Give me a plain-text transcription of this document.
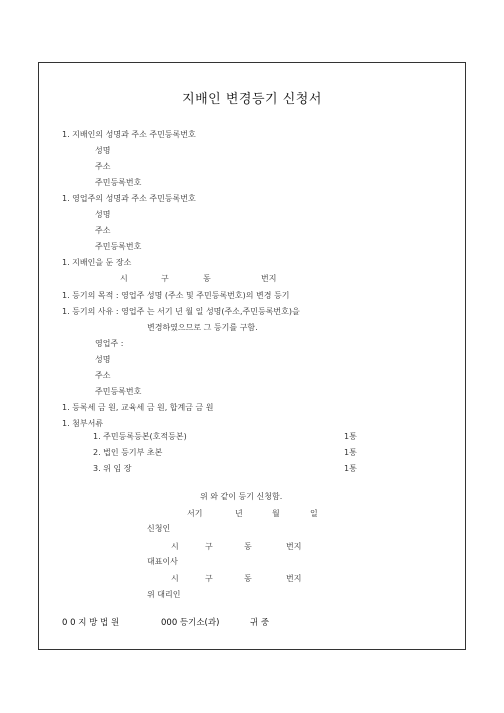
지배인 변경등기 신청서
1. 지배인의 성명과 주소 주민등록번호
성명
주소
주민등록번호
1. 영업주의 성명과 주소 주민등록번호
성명
주소
주민등록번호
1. 지배인을 둔 장소
시	구	동	번지
1. 등기의 목적 : 영업주 성명 (주소 및 주민등록번호)의 변경 등기
1. 등기의 사유 : 영업주 는 서기 년 월 일 성명(주소,주민등록번호)을
변경하였으므로 그 등기를 구함.
영업주 :
성명
주소
주민등록번호
1. 등록세 금 원, 교육세 금 원, 합계금 금 원
1. 첨부서류
1. 주민등록등본(호적등본)	1통
2. 법인 등기부 초본	1통
3. 위 임 장	1통
위 와 같이 등기 신청함.
서기	년	월	일
신청인
시	구	동	번지
대표이사
시	구	동	번지
위 대리인
0 0 지 방 법 원	000 등기소(과)	귀 중
